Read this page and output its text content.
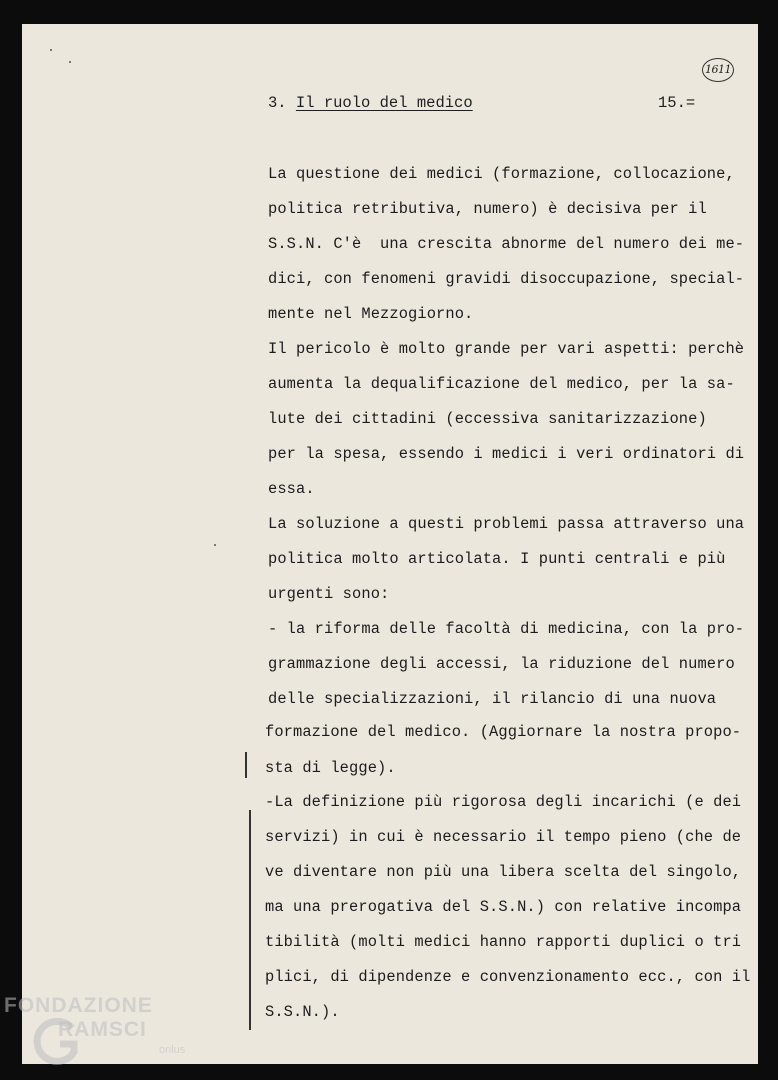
1611
3. Il ruolo del medico	15.=
La questione dei medici (formazione, collocazione,
politica retributiva, numero) è decisiva per il
S.S.N. C'è  una crescita abnorme del numero dei me-
dici, con fenomeni gravidi disoccupazione, special-
mente nel Mezzogiorno.
Il pericolo è molto grande per vari aspetti: perchè
aumenta la dequalificazione del medico, per la sa-
lute dei cittadini (eccessiva sanitarizzazione)
per la spesa, essendo i medici i veri ordinatori di
essa.
La soluzione a questi problemi passa attraverso una
politica molto articolata. I punti centrali e più
urgenti sono:
- la riforma delle facoltà di medicina, con la pro-
grammazione degli accessi, la riduzione del numero
delle specializzazioni, il rilancio di una nuova
formazione del medico. (Aggiornare la nostra propo-
sta di legge).
-La definizione più rigorosa degli incarichi (e dei
servizi) in cui è necessario il tempo pieno (che de
ve diventare non più una libera scelta del singolo,
ma una prerogativa del S.S.N.) con relative incompa
tibilità (molti medici hanno rapporti duplici o tri
plici, di dipendenze e convenzionamento ecc., con il
S.S.N.).
FONDAZIONE
RAMSCI
onlus
